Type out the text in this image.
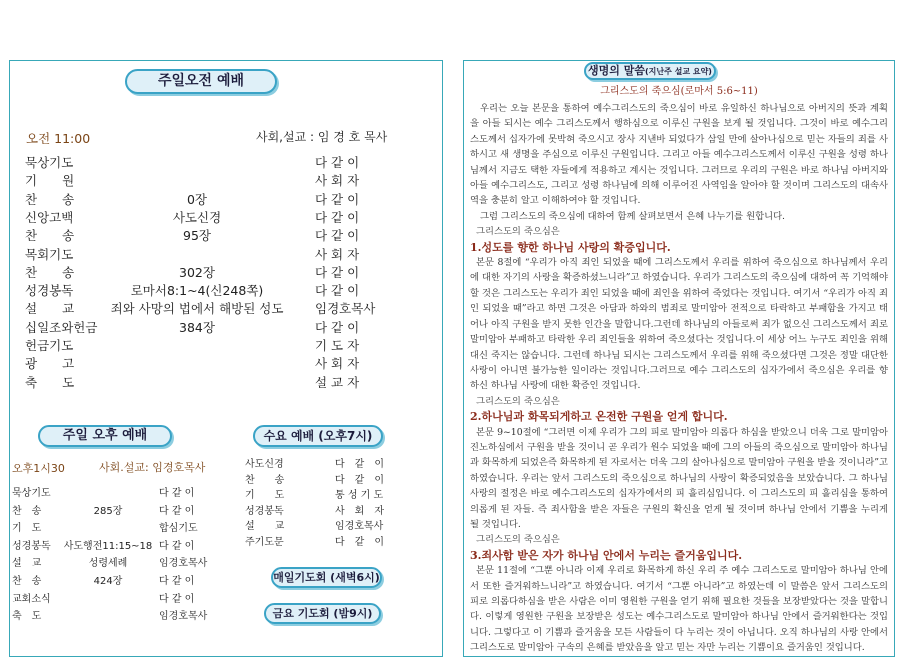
주일오전 예배
오전 11:00	사회,설교 : 임 경 호 목사
묵상기도	다 같 이
기　　원	사 회 자
찬　　송	0장	다 같 이
신앙고백	사도신경	다 같 이
찬　　송	95장	다 같 이
목회기도	사 회 자
찬　　송	302장	다 같 이
성경봉독	로마서8:1~4(신248쪽)	다 같 이
설　　교	죄와 사망의 법에서 해방된 성도	임경호목사
십일조와헌금	384장	다 같 이
헌금기도	기 도 자
광　　고	사 회 자
축　　도	설 교 자
주일 오후 예배
오후1시30	사회.설교: 임경호목사
묵상기도	다 같 이
찬　송	285장	다 같 이
기　도	합심기도
성경봉독 사도행전11:15~18 다 같 이
설　교	성령세례	임경호목사
찬　송	424장	다 같 이
교회소식	다 같 이
축　도	임경호목사
수요 예배 (오후7시)
사도신경	다　같　이
찬　　송	다　같　이
기　　도	통 성 기 도
성경봉독	사　회　자
설　　교	임경호목사
주기도문	다　같　이
매일기도회 (새벽6시)
금요 기도회 (밤9시)
생명의 말씀(지난주 설교 요약)
그리스도의 죽으심(로마서 5:6~11)

우리는 오늘 본문을 통하여 예수그리스도의 죽으심이 바로 유일하신 하나님으로 아버지의 뜻과 계획을 아들 되시는 예수 그리스도께서 행하심으로 이루신 구원을 보게 될 것입니다. 그것이 바로 예수그리스도께서 십자가에 못박혀 죽으시고 장사 지낸바 되었다가 삼일 만에 살아나심으로 믿는 자들의 죄를 사하시고 새 생명을 주심으로 이루신 구원입니다. 그리고 아들 예수그리스도께서 이루신 구원을 성령 하나님께서 지금도 택한 자들에게 적용하고 계시는 것입니다. 그러므로 우리의 구원은 바로 하나님 아버지와 아들 예수그리스도, 그리고 성령 하나님에 의해 이루어진 사역임을 알아야 할 것이며 그리스도의 대속사역을 충분히 알고 이해하여야 할 것입니다.

그럼 그리스도의 죽으심에 대하여 함께 살펴보면서 은혜 나누기를 원합니다.

그리스도의 죽으심은

1.성도를 향한 하나님 사랑의 확증입니다.

본문 8절에 “우리가 아직 죄인 되었을 때에 그리스도께서 우리를 위하여 죽으심으로 하나님께서 우리에 대한 자기의 사랑을 확증하셨느니라”고 하였습니다. 우리가 그리스도의 죽으심에 대하여 꼭 기억해야 할 것은 그리스도는 우리가 죄인 되었을 때에 죄인을 위하여 죽었다는 것입니다. 여기서 “우리가 아직 죄인 되었을 때”라고 하면 그것은 아담과 하와의 범죄로 말미암아 전적으로 타락하고 부패함을 가지고 태어나 아직 구원을 받지 못한 인간을 말합니다.그런데 하나님의 아들로써 죄가 없으신 그리스도께서 죄로 말미암아 부패하고 타락한 우리 죄인들을 위하여 죽으셨다는 것입니다.이 세상 어느 누구도 죄인을 위해 대신 죽지는 않습니다. 그런데 하나님 되시는 그리스도께서 우리를 위해 죽으셨다면 그것은 정말 대단한 사랑이 아니면 불가능한 일이라는 것입니다.그러므로 예수 그리스도의 십자가에서 죽으심은 우리를 향하신 하나님 사랑에 대한 확증인 것입니다.

그리스도의 죽으심은

2.하나님과 화목되게하고 온전한 구원을 얻게 합니다.

본문 9~10절에 “그러면 이제 우리가 그의 피로 말미암아 의롭다 하심을 받았으니 더욱 그로 말미암아 진노하심에서 구원을 받을 것이니 곧 우리가 원수 되었을 때에 그의 아들의 죽으심으로 말미암아 하나님과 화목하게 되었은즉 화목하게 된 자로서는 더욱 그의 살아나심으로 말미암아 구원을 받을 것이니라”고 하였습니다. 우리는 앞서 그리스도의 죽으심으로 하나님의 사랑이 확증되었음을 보았습니다. 그 하나님 사랑의 절정은 바로 예수그리스도의 십자가에서의 피 흘리심입니다. 이 그리스도의 피 흘리심을 통하여 의롭게 된 자들. 즉 죄사함을 받은 자들은 구원의 확신을 얻게 될 것이며 하나님 안에서 기쁨을 누리게 될 것입니다.

그리스도의 죽으심은

3.죄사함 받은 자가 하나님 안에서 누리는 즐거움입니다.

본문 11절에 “그뿐 아니라 이제 우리로 화목하게 하신 우리 주 예수 그리스도로 말미암아 하나님 안에서 또한 즐거워하느니라”고 하였습니다. 여기서 “그뿐 아니라”고 하였는데 이 말씀은 앞서 그리스도의 피로 의롭다하심을 받은 사람은 이미 영원한 구원을 얻기 위해 필요한 것들을 보장받았다는 것을 말합니다. 이렇게 영원한 구원을 보장받은 성도는 예수그리스도로 말미암아 하나님 안에서 즐거워한다는 것입니다. 그렇다고 이 기쁨과 즐거움을 모든 사람들이 다 누리는 것이 아닙니다. 오직 하나님의 사랑 안에서 그리스도로 말미암아 구속의 은혜를 받았음을 알고 믿는 자만 누리는 기쁨이요 즐거움인 것입니다.
